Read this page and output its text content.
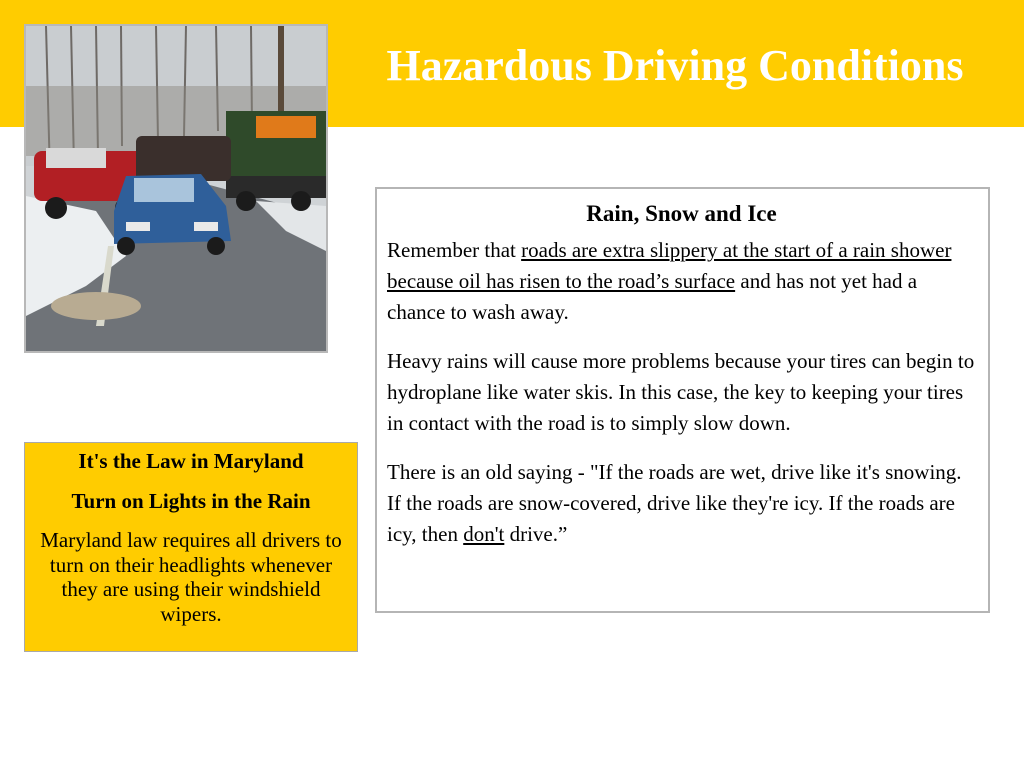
Hazardous Driving Conditions

It's the Law in Maryland

Turn on Lights in the Rain

Maryland law requires all drivers to turn on their headlights whenever they are using their windshield wipers.

Rain, Snow and Ice

Remember that roads are extra slippery at the start of a rain shower because oil has risen to the road’s surface and has not yet had a chance to wash away.

Heavy rains will cause more problems because your tires can begin to hydroplane like water skis. In this case, the key to keeping your tires in contact with the road is to simply slow down.

There is an old saying - "If the roads are wet, drive like it's snowing. If the roads are snow-covered, drive like they're icy. If the roads are icy, then don't drive.”
